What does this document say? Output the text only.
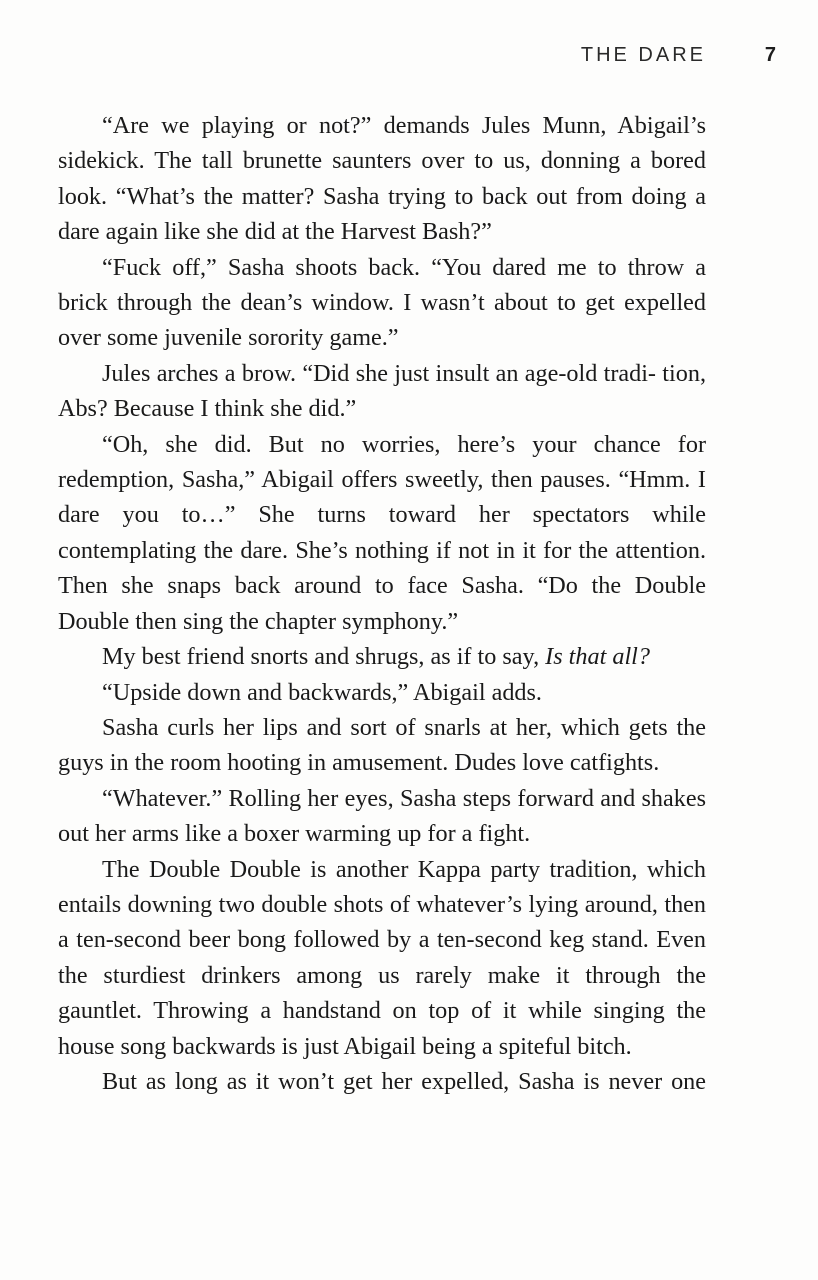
THE DARE	7

“Are we playing or not?” demands Jules Munn, Abigail’s sidekick. The tall brunette saunters over to us, donning a bored look. “What’s the matter? Sasha trying to back out from doing a dare again like she did at the Harvest Bash?”

“Fuck off,” Sasha shoots back. “You dared me to throw a brick through the dean’s window. I wasn’t about to get expelled over some juvenile sorority game.”

Jules arches a brow. “Did she just insult an age-old tradi- tion, Abs? Because I think she did.”

“Oh, she did. But no worries, here’s your chance for redemption, Sasha,” Abigail offers sweetly, then pauses. “Hmm. I dare you to…” She turns toward her spectators while contemplating the dare. She’s nothing if not in it for the attention. Then she snaps back around to face Sasha. “Do the Double Double then sing the chapter symphony.”

My best friend snorts and shrugs, as if to say, Is that all?

“Upside down and backwards,” Abigail adds.

Sasha curls her lips and sort of snarls at her, which gets the guys in the room hooting in amusement. Dudes love catfights.

“Whatever.” Rolling her eyes, Sasha steps forward and shakes out her arms like a boxer warming up for a fight.

The Double Double is another Kappa party tradition, which entails downing two double shots of whatever’s lying around, then a ten-second beer bong followed by a ten-second keg stand. Even the sturdiest drinkers among us rarely make it through the gauntlet. Throwing a handstand on top of it while singing the house song backwards is just Abigail being a spiteful bitch.

But as long as it won’t get her expelled, Sasha is never one
